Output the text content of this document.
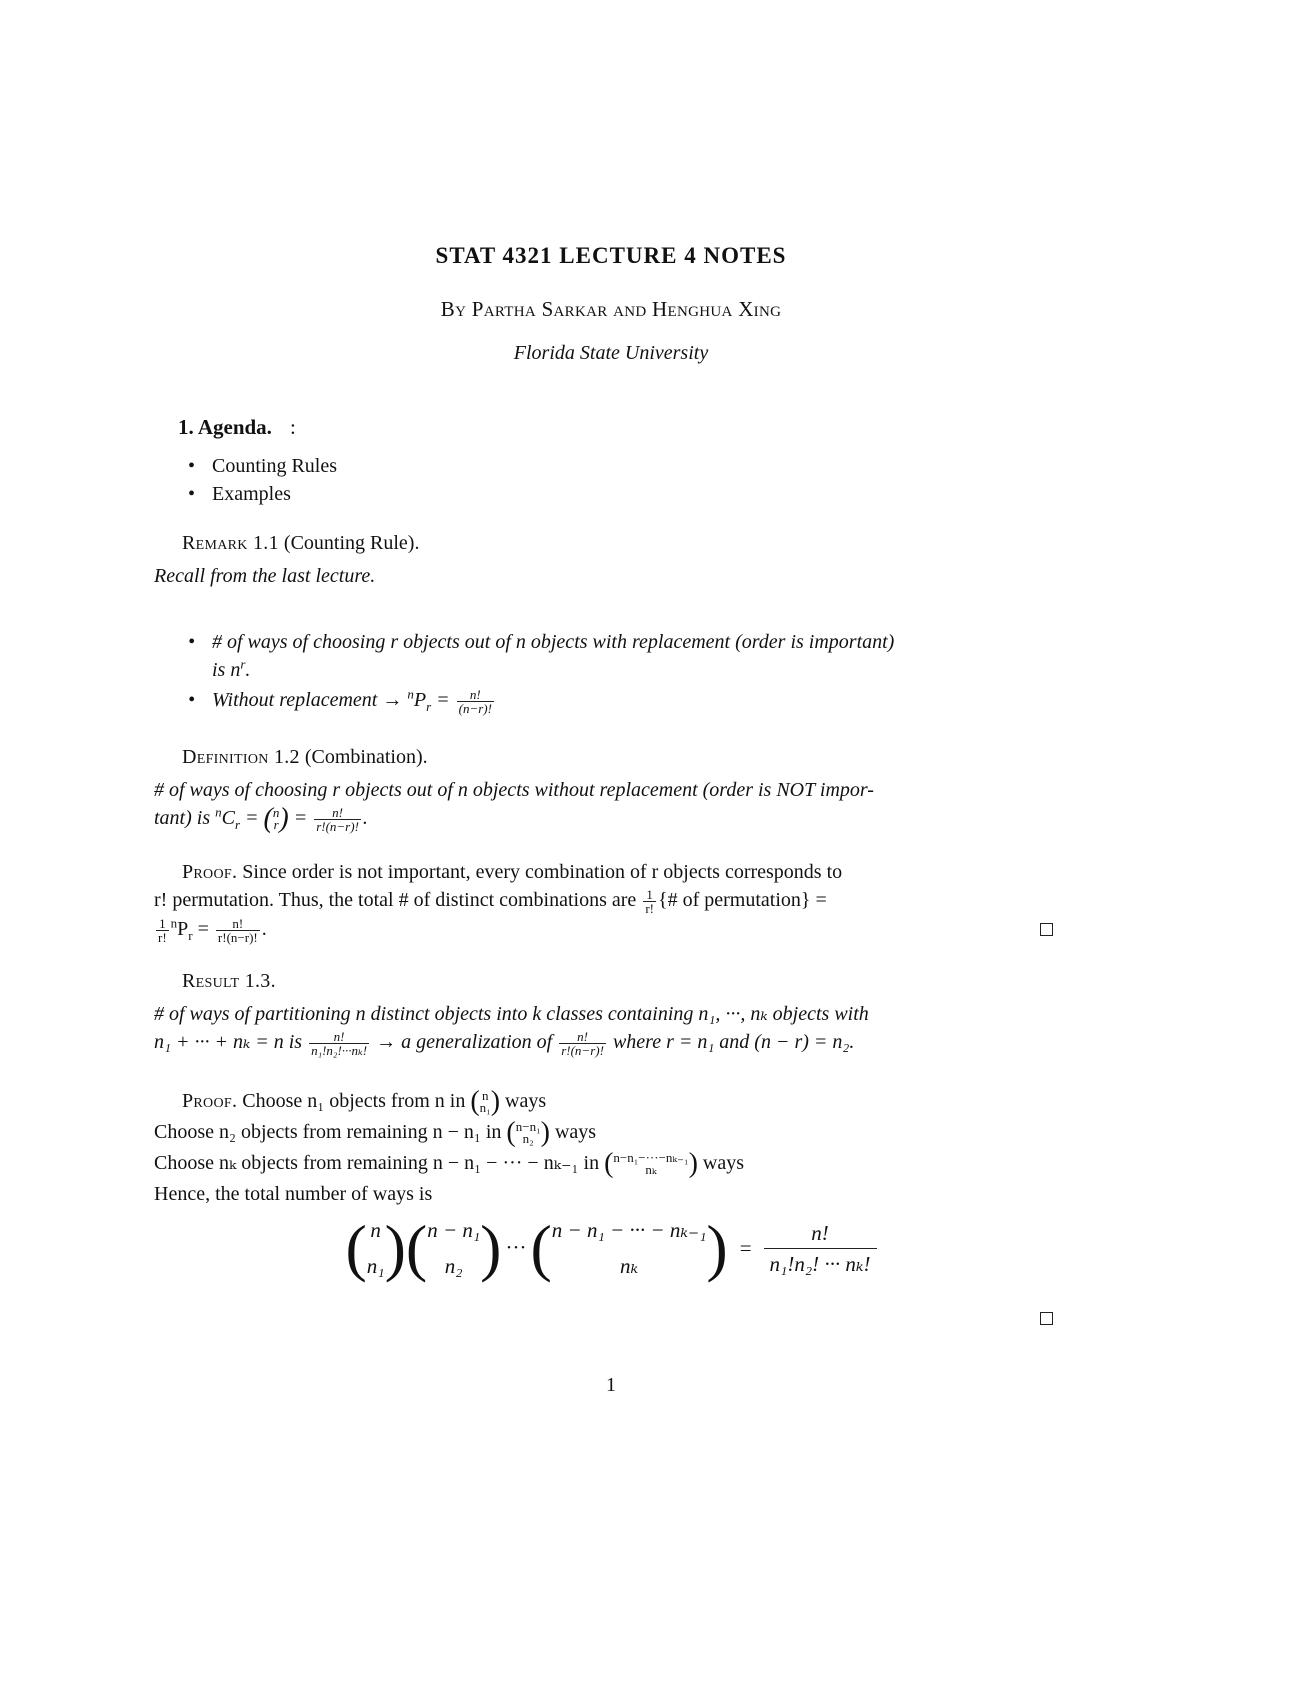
STAT 4321 LECTURE 4 NOTES
By Partha Sarkar and Henghua Xing
Florida State University
1. Agenda. :
• Counting Rules
• Examples
Remark 1.1 (Counting Rule).
Recall from the last lecture.
• # of ways of choosing r objects out of n objects with replacement (order is important)
is $n^r$.
• Without replacement → $^nP_r = \frac{n!}{(n-r)!}$
Definition 1.2 (Combination).
# of ways of choosing r objects out of n objects without replacement (order is NOT impor-
tant) is $^nC_r$ = ( n
r ) = $\frac{n!}{r!(n-r)!}$ .
Proof. Since order is not important, every combination of r objects corresponds to
r! permutation. Thus, the total # of distinct combinations are $\frac{1}{r!}$ {# of permutation} =

$\frac{1}{r!} ^nP_r = \frac{n!}{r!(n-r)!}$ .
Result 1.3.
# of ways of partitioning n distinct objects into k classes containing n₁, ···, nₖ objects with
n₁ + ··· + nₖ = n is $\frac{n!}{\text{n₁!n₂!···nₖ!}} \to a$ generalization of $\frac{n!}{r!(n-r)!}$ where r = n₁ and (n − r) = n₂.
Proof. Choose n₁ objects from n in ( n
n₁ ) ways
Choose n₂ objects from remaining n − n₁ in ( n−n₁
n₂ ) ways
Choose nₖ objects from remaining n − n₁ − ··· − nₖ₋₁ in ( n−n₁−···−nₖ₋₁
nₖ	) ways
Hence, the total number of ways is
( n
n₁ )( n − n₁
n₂ ) ··· ( n − n₁ − ··· − nₖ₋₁
nₖ	) = $\frac{n!}{\text{n₁!n₂! ··· nₖ!}}$
1
